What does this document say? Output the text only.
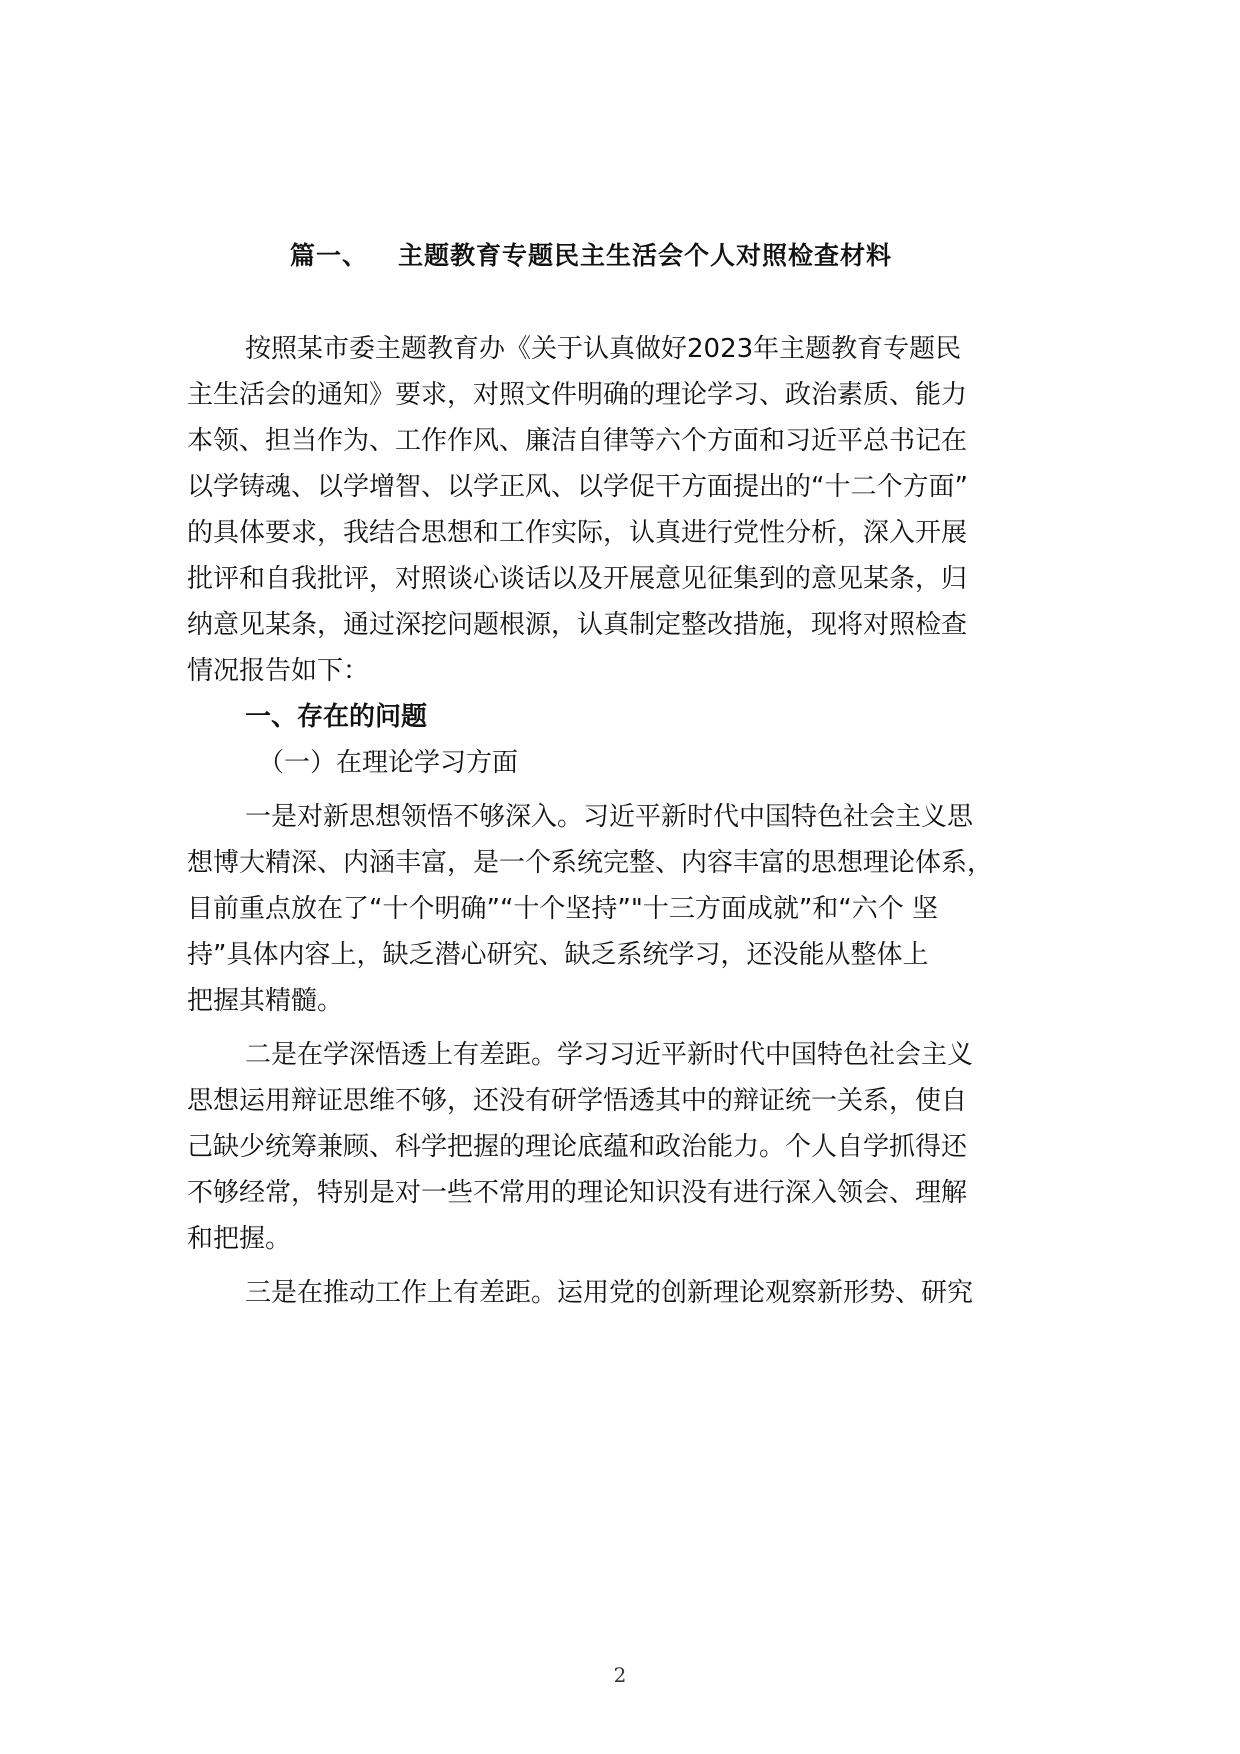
篇一、 主题教育专题民主生活会个人对照检查材料
按照某市委主题教育办《关于认真做好2023年主题教育专题民
主生活会的通知》要求，对照文件明确的理论学习、政治素质、能力
本领、担当作为、工作作风、廉洁自律等六个方面和习近平总书记在
以学铸魂、以学增智、以学正风、以学促干方面提出的“十二个方面”
的具体要求，我结合思想和工作实际，认真进行党性分析，深入开展
批评和自我批评，对照谈心谈话以及开展意见征集到的意见某条，归
纳意见某条，通过深挖问题根源，认真制定整改措施，现将对照检查
情况报告如下：
一、存在的问题
（一）在理论学习方面
一是对新思想领悟不够深入。习近平新时代中国特色社会主义思
想博大精深、内涵丰富，是一个系统完整、内容丰富的思想理论体系，
目前重点放在了“十个明确”“十个坚持”"十三方面成就”和“六个 坚
持”具体内容上，缺乏潜心研究、缺乏系统学习，还没能从整体上
把握其精髓。
二是在学深悟透上有差距。学习习近平新时代中国特色社会主义
思想运用辩证思维不够，还没有研学悟透其中的辩证统一关系，使自
己缺少统筹兼顾、科学把握的理论底蕴和政治能力。个人自学抓得还
不够经常，特别是对一些不常用的理论知识没有进行深入领会、理解
和把握。
三是在推动工作上有差距。运用党的创新理论观察新形势、研究
2
